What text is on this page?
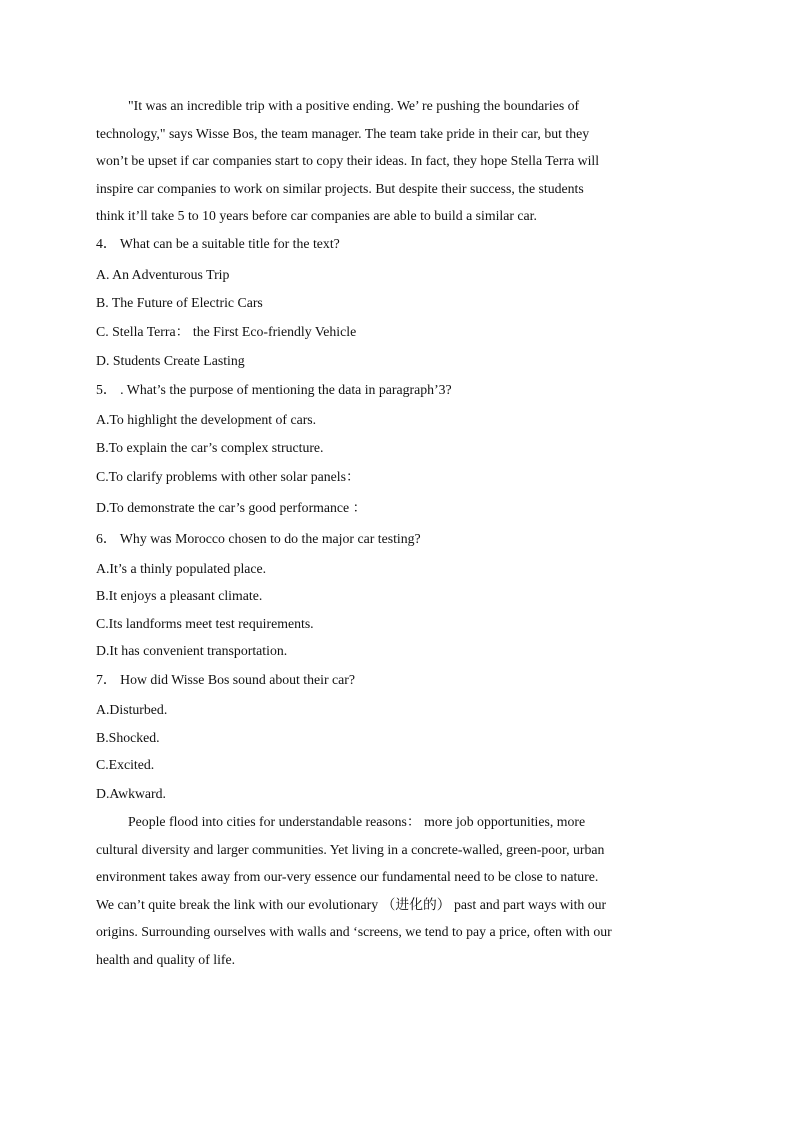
"It was an incredible trip with a positive ending. We’ re pushing the boundaries of
technology," says Wisse Bos, the team manager. The team take pride in their car, but they
won’t be upset if car companies start to copy their ideas. In fact, they hope Stella Terra will
inspire car companies to work on similar projects. But despite their success, the students
think it’ll take 5 to 10 years before car companies are able to build a similar car.

4． What can be a suitable title for the text?

A. An Adventurous Trip

B. The Future of Electric Cars

C. Stella Terra： the First Eco-friendly Vehicle

D. Students Create Lasting

5． . What’s the purpose of mentioning the data in paragraph’3?

A.To highlight the development of cars.

B.To explain the car’s complex structure.

C.To clarify problems with other solar panels：

D.To demonstrate the car’s good performance ：

6． Why was Morocco chosen to do the major car testing?

A.It’s a thinly populated place.

B.It enjoys a pleasant climate.

C.Its landforms meet test requirements.

D.It has convenient transportation.

7． How did Wisse Bos sound about their car?

A.Disturbed.

B.Shocked.

C.Excited.

D.Awkward.

People flood into cities for understandable reasons： more job opportunities, more
cultural diversity and larger communities. Yet living in a concrete-walled, green-poor, urban
environment takes away from our-very essence our fundamental need to be close to nature.
We can’t quite break the link with our evolutionary （进化的） past and part ways with our
origins. Surrounding ourselves with walls and ‘screens, we tend to pay a price, often with our
health and quality of life.
